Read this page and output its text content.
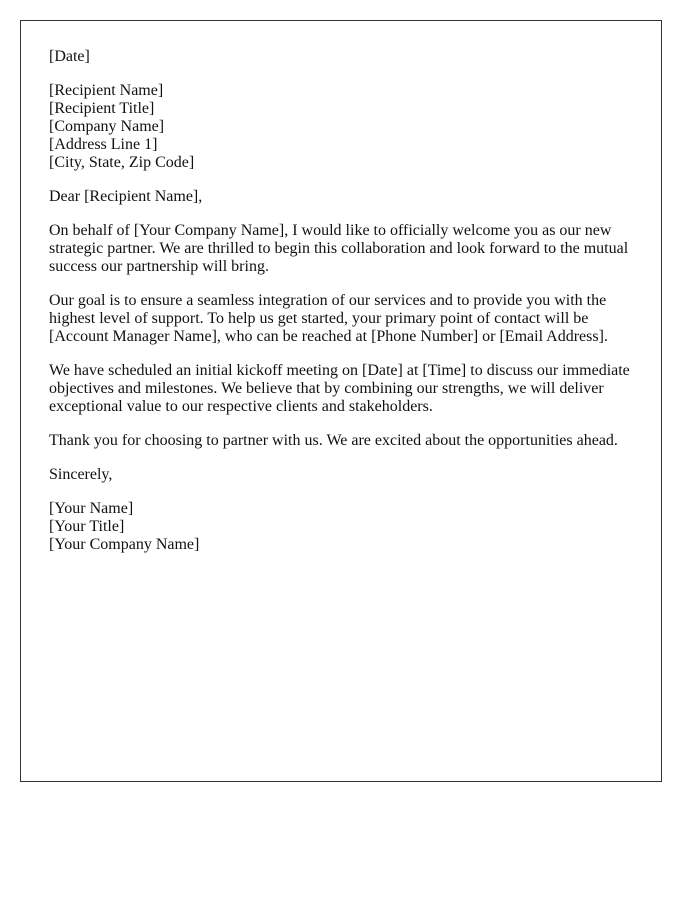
[Date]

[Recipient Name]
[Recipient Title]
[Company Name]
[Address Line 1]
[City, State, Zip Code]

Dear [Recipient Name],

On behalf of [Your Company Name], I would like to officially welcome you as our new strategic partner. We are thrilled to begin this collaboration and look forward to the mutual success our partnership will bring.

Our goal is to ensure a seamless integration of our services and to provide you with the highest level of support. To help us get started, your primary point of contact will be [Account Manager Name], who can be reached at [Phone Number] or [Email Address].

We have scheduled an initial kickoff meeting on [Date] at [Time] to discuss our immediate objectives and milestones. We believe that by combining our strengths, we will deliver exceptional value to our respective clients and stakeholders.

Thank you for choosing to partner with us. We are excited about the opportunities ahead.

Sincerely,

[Your Name]
[Your Title]
[Your Company Name]
